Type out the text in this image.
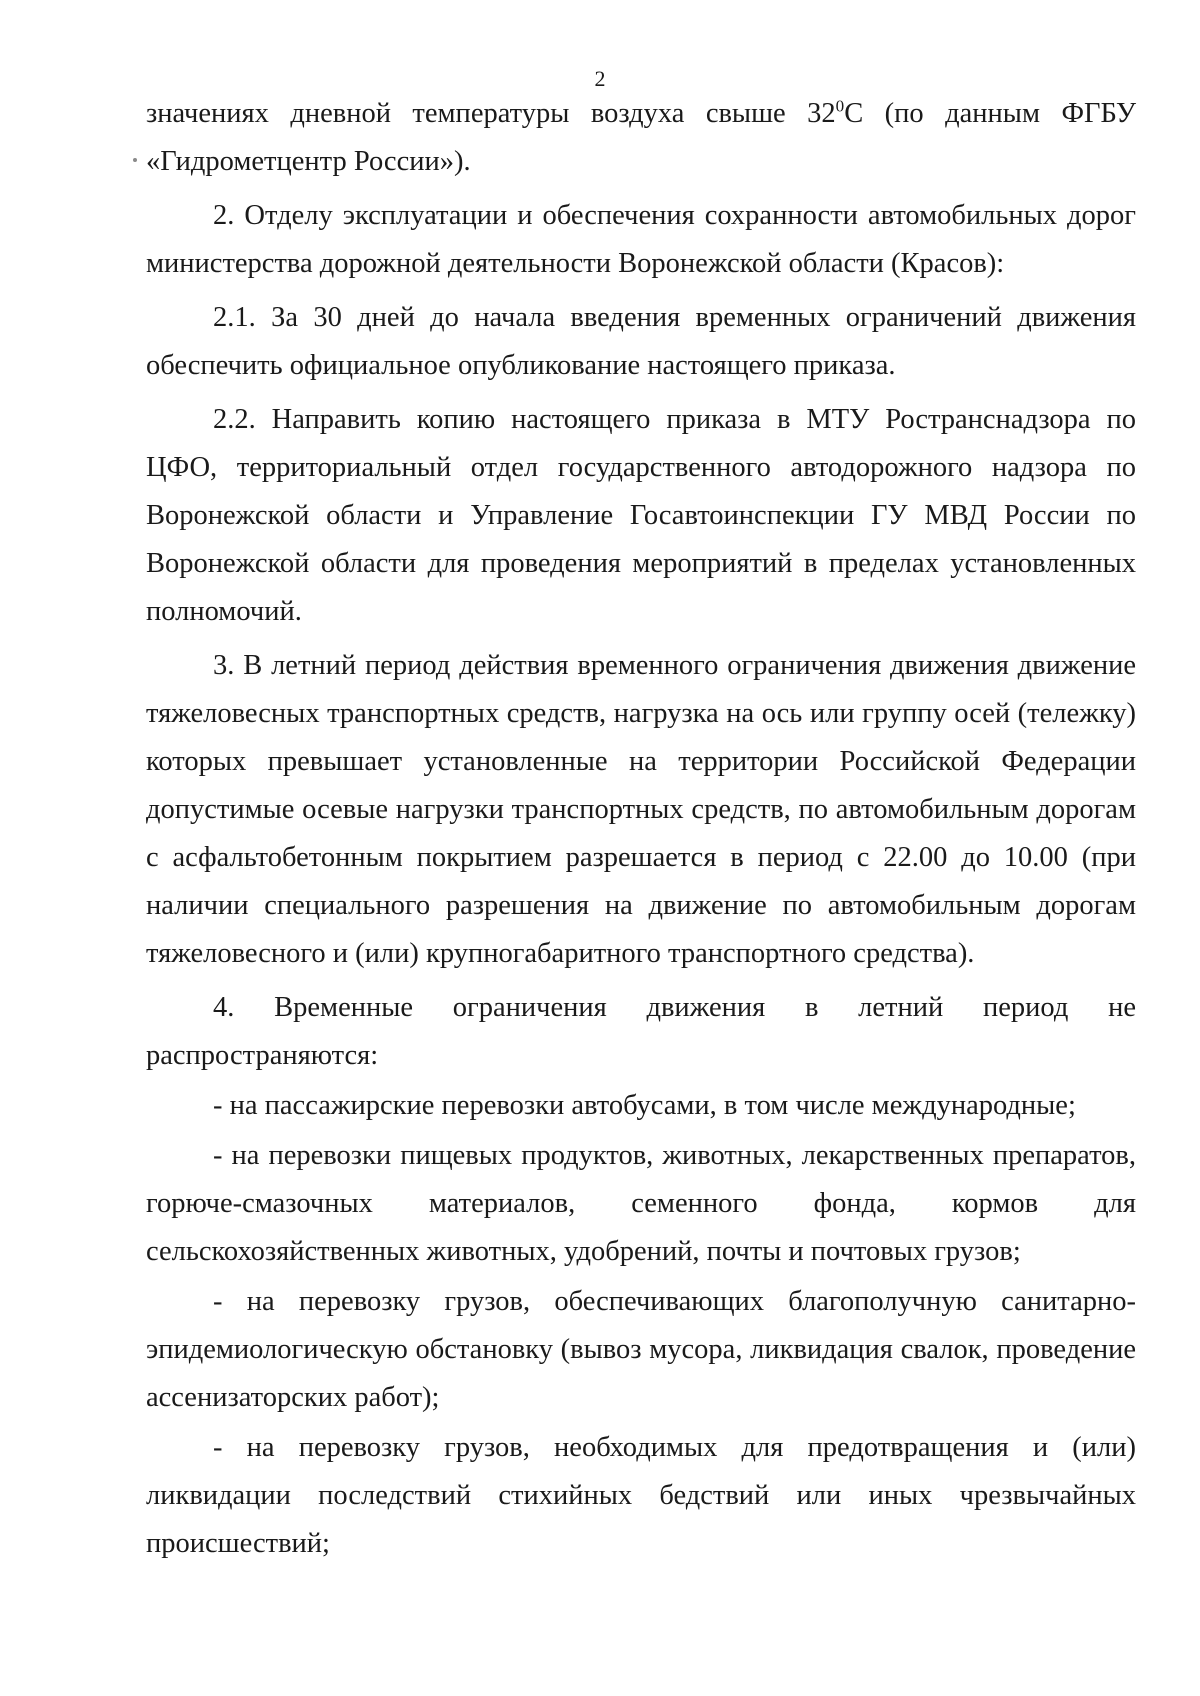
2

значениях дневной температуры воздуха свыше $32^0С$ (по данным ФГБУ «Гидрометцентр России»).

2. Отделу эксплуатации и обеспечения сохранности автомобильных дорог министерства дорожной деятельности Воронежской области (Красов):

2.1. За 30 дней до начала введения временных ограничений движения обеспечить официальное опубликование настоящего приказа.

2.2. Направить копию настоящего приказа в МТУ Ространснадзора по ЦФО, территориальный отдел государственного автодорожного надзора по Воронежской области и Управление Госавтоинспекции ГУ МВД России по Воронежской области для проведения мероприятий в пределах установленных полномочий.

3. В летний период действия временного ограничения движения движение тяжеловесных транспортных средств, нагрузка на ось или группу осей (тележку) которых превышает установленные на территории Российской Федерации допустимые осевые нагрузки транспортных средств, по автомобильным дорогам с асфальтобетонным покрытием разрешается в период с 22.00 до 10.00 (при наличии специального разрешения на движение по автомобильным дорогам тяжеловесного и (или) крупногабаритного транспортного средства).

4. Временные ограничения движения в летний период не распространяются:

- на пассажирские перевозки автобусами, в том числе международные;

- на перевозки пищевых продуктов, животных, лекарственных препаратов, горюче-смазочных материалов, семенного фонда, кормов для сельскохозяйственных животных, удобрений, почты и почтовых грузов;

- на перевозку грузов, обеспечивающих благополучную санитарно-эпидемиологическую обстановку (вывоз мусора, ликвидация свалок, проведение ассенизаторских работ);

- на перевозку грузов, необходимых для предотвращения и (или) ликвидации последствий стихийных бедствий или иных чрезвычайных происшествий;
